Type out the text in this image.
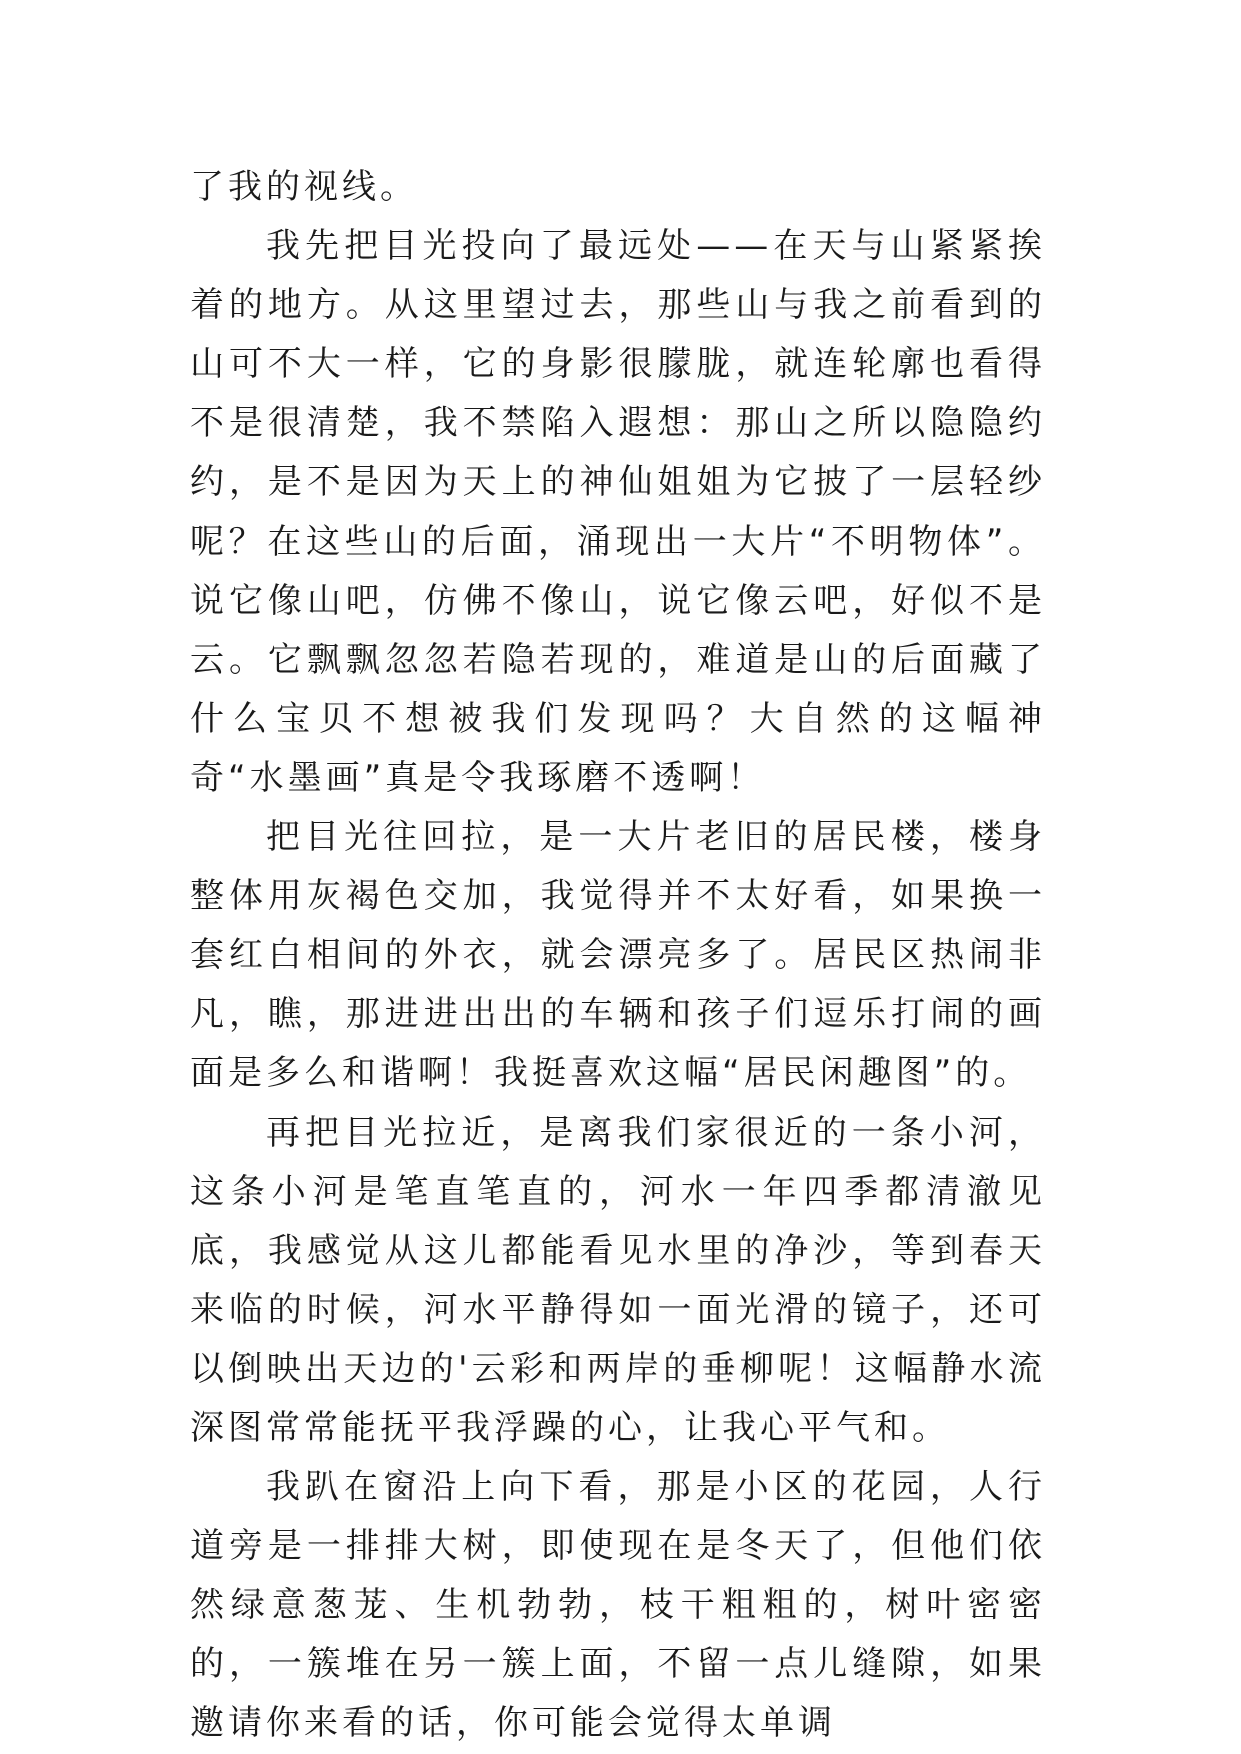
了我的视线。

我先把目光投向了最远处——在天与山紧紧挨着的地方。从这里望过去，那些山与我之前看到的山可不大一样，它的身影很朦胧，就连轮廓也看得不是很清楚，我不禁陷入遐想：那山之所以隐隐约约，是不是因为天上的神仙姐姐为它披了一层轻纱呢？在这些山的后面，涌现出一大片“不明物体”。说它像山吧，仿佛不像山，说它像云吧，好似不是云。它飘飘忽忽若隐若现的，难道是山的后面藏了什么宝贝不想被我们发现吗？大自然的这幅神奇“水墨画”真是令我琢磨不透啊！

把目光往回拉，是一大片老旧的居民楼，楼身整体用灰褐色交加，我觉得并不太好看，如果换一套红白相间的外衣，就会漂亮多了。居民区热闹非凡，瞧，那进进出出的车辆和孩子们逗乐打闹的画面是多么和谐啊！我挺喜欢这幅“居民闲趣图”的。

再把目光拉近，是离我们家很近的一条小河，这条小河是笔直笔直的，河水一年四季都清澈见底，我感觉从这儿都能看见水里的净沙，等到春天来临的时候，河水平静得如一面光滑的镜子，还可以倒映出天边的'云彩和两岸的垂柳呢！这幅静水流深图常常能抚平我浮躁的心，让我心平气和。

我趴在窗沿上向下看，那是小区的花园，人行道旁是一排排大树，即使现在是冬天了，但他们依然绿意葱茏、生机勃勃，枝干粗粗的，树叶密密的，一簇堆在另一簇上面，不留一点儿缝隙，如果邀请你来看的话，你可能会觉得太单调
